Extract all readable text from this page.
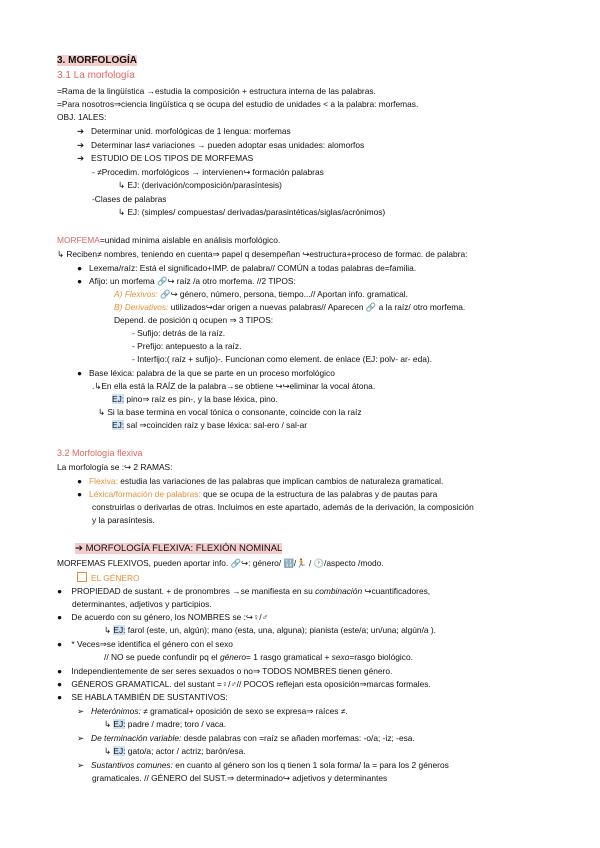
3. MORFOLOGÍA
3.1 La morfología
=Rama de la lingüística →estudia la composición + estructura interna de las palabras.
=Para nosotros⇒ciencia lingüística q se ocupa del estudio de unidades < a la palabra: morfemas.
OBJ. 1ALES:
➔ Determinar unid. morfológicas de 1 lengua: morfemas
➔ Determinar las≠ variaciones → pueden adoptar esas unidades: alomorfos
➔ ESTUDIO DE LOS TIPOS DE MORFEMAS
- ≠Procedim. morfológicos → intervienen↪ formación palabras
↳ EJ: (derivación/composición/parasíntesis)
-Clases de palabras
↳ EJ: (simples/ compuestas/ derivadas/parasintéticas/siglas/acrónimos)
MORFEMA=unidad mínima aislable en análisis morfológico.
↳ Reciben≠ nombres, teniendo en cuenta⇒ papel q desempeñan ↪estructura+proceso de formac. de palabra:
● Lexema/raíz: Está el significado+IMP. de palabra// COMÚN a todas palabras de=familia.
● Afijo: un morfema 🔗↪ raíz /a otro morfema. //2 TIPOS:
A) Flexivos: 🔗↪ género, número, persona, tiempo...// Aportan info. gramatical.
B) Derivativos: utilizados↪dar origen a nuevas palabras// Aparecen 🔗 a la raíz/ otro morfema.
Depend. de posición q ocupen ⇒ 3 TIPOS:
- Sufijo: detrás de la raíz.
- Prefijo: antepuesto a la raíz.
- Interfijo:( raíz + sufijo)-. Funcionan como element. de enlace (EJ: polv- ar- eda).
● Base léxica: palabra de la que se parte en un proceso morfológico
.↳En ella está la RAÍZ de la palabra→se obtiene ↪↪eliminar la vocal átona.
EJ: pino⇒ raíz es pin-, y la base léxica, pino.
↳ Si la base termina en vocal tónica o consonante, coincide con la raíz
EJ: sal ⇒coinciden raíz y base léxica: sal-ero / sal-ar
3.2 Morfología flexiva
La morfología se :↪ 2 RAMAS:
● Flexiva: estudia las variaciones de las palabras que implican cambios de naturaleza gramatical.
● Léxica/formación de palabras: que se ocupa de la estructura de las palabras y de pautas para
construirlas o derivarlas de otras. Incluimos en este apartado, además de la derivación, la composición
y la parasíntesis.
➔ MORFOLOGÍA FLEXIVA: FLEXIÓN NOMINAL
MORFEMAS FLEXIVOS, pueden aportar info. 🔗↪: género/ 🔢/🏃 / 🕐/aspecto /modo.
EL GÉNERO
● PROPIEDAD de sustant. + de pronombres →se manifiesta en su combinación ↪cuantificadores,
determinantes, adjetivos y participios.
● De acuerdo con su género, los NOMBRES se :↪♀/♂
↳ EJ: farol (este, un, algún); mano (esta, una, alguna); pianista (este/a; un/una; algún/a ).
● * Veces⇒se identifica el género con el sexo
// NO se puede confundir pq el género= 1 rasgo gramatical + sexo=rasgo biológico.
● Independientemente de ser seres sexuados o no⇒ TODOS NOMBRES tienen género.
● GÉNEROS GRAMATICAL. del sustant =♀/♂// POCOS reflejan esta oposición⇒marcas formales.
● SE HABLA TAMBIÉN DE SUSTANTIVOS:
➢ Heterónimos: ≠ gramatical+ oposición de sexo se expresa⇒ raíces ≠.
↳ EJ: padre / madre; toro / vaca.
➢ De terminación variable: desde palabras con =raíz se añaden morfemas: -o/a; -iz; -esa.
↳ EJ: gato/a; actor / actriz; barón/esa.
➢ Sustantivos comunes: en cuanto al género son los q tienen 1 sola forma/ la = para los 2 géneros
gramaticales. // GÉNERO del SUST.⇒ determinado↪ adjetivos y determinantes
